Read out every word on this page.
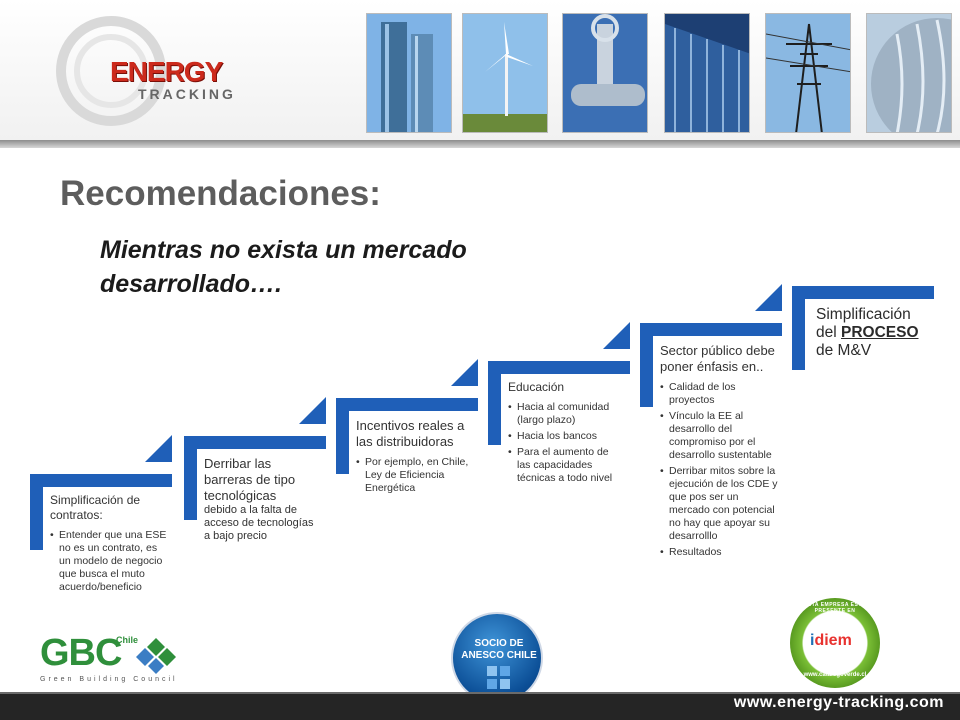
ENERGY
TRACKING
Recomendaciones:
Mientras no exista un mercado
desarrollado….

Simplificación de contratos:

• Entender que una ESE no es un contrato, es un modelo de negocio que busca el muto acuerdo/beneficio

Derribar las barreras de tipo tecnológicas

debido a la falta de acceso de tecnologías a bajo precio

Incentivos reales a las distribuidoras

• Por ejemplo, en Chile, Ley de Eficiencia Energética

Educación

• Hacia al comunidad (largo plazo)
• Hacia los bancos
• Para el aumento de las capacidades técnicas a todo nivel

Sector público debe poner énfasis en..

• Calidad de los proyectos
• Vínculo la EE al desarrollo del compromiso por el desarrollo sustentable
• Derribar mitos sobre la ejecución de los CDE y que pos ser un mercado con potencial no hay que apoyar su desarrolllo
• Resultados
Simplificación del PROCESO de M&V
GBC
Chile
Green Building Council
SOCIO DE
ANESCO CHILE
ESTA EMPRESA ESTÁ PRESENTE EN
idiem
www.catalogoverde.cl
www.energy-tracking.com
